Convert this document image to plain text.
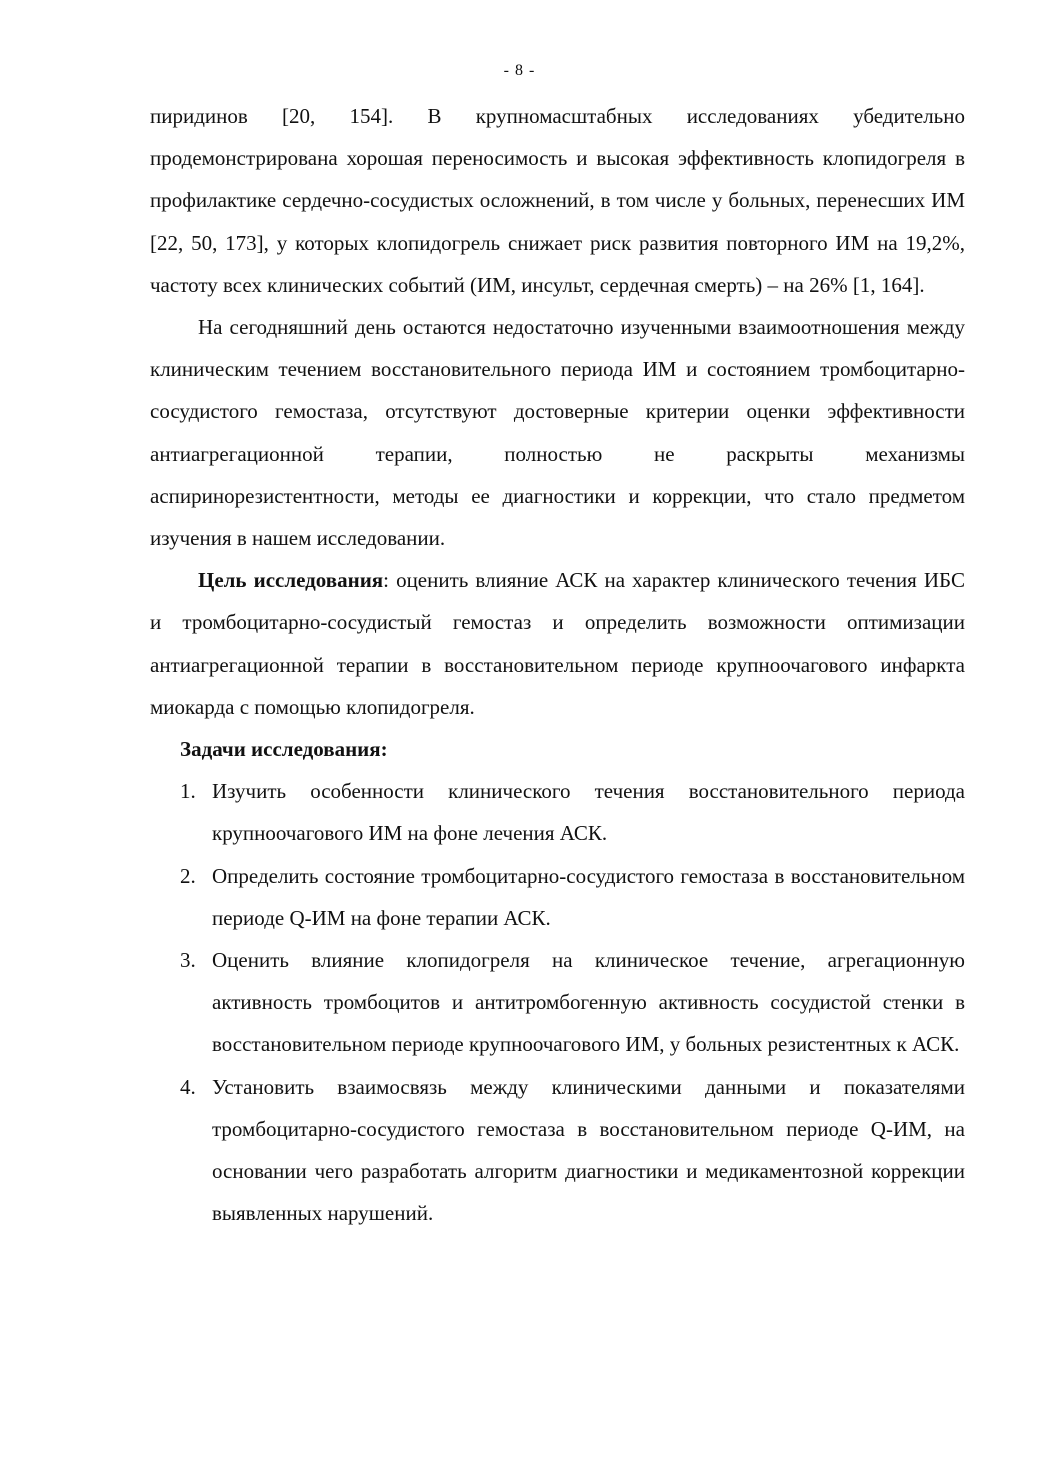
- 8 -

пиридинов [20, 154]. В крупномасштабных исследованиях убедительно продемонстрирована хорошая переносимость и высокая эффективность клопидогреля в профилактике сердечно-сосудистых осложнений, в том числе у больных, перенесших ИМ [22, 50, 173], у которых клопидогрель снижает риск развития повторного ИМ на 19,2%, частоту всех клинических событий (ИМ, инсульт, сердечная смерть) – на 26% [1, 164].

На сегодняшний день остаются недостаточно изученными взаимоотношения между клиническим течением восстановительного периода ИМ и состоянием тромбоцитарно-сосудистого гемостаза, отсутствуют достоверные критерии оценки эффективности антиагрегационной терапии, полностью не раскрыты механизмы аспиринорезистентности, методы ее диагностики и коррекции, что стало предметом изучения в нашем исследовании.

Цель исследования: оценить влияние АСК на характер клинического течения ИБС и тромбоцитарно-сосудистый гемостаз и определить возможности оптимизации антиагрегационной терапии в восстановительном периоде крупноочагового инфаркта миокарда с помощью клопидогреля.

Задачи исследования:
1. Изучить особенности клинического течения восстановительного периода крупноочагового ИМ на фоне лечения АСК.
2. Определить состояние тромбоцитарно-сосудистого гемостаза в восстановительном периоде Q-ИМ на фоне терапии АСК.
3. Оценить влияние клопидогреля на клиническое течение, агрегационную активность тромбоцитов и антитромбогенную активность сосудистой стенки в восстановительном периоде крупноочагового ИМ, у больных резистентных к АСК.
4. Установить взаимосвязь между клиническими данными и показателями тромбоцитарно-сосудистого гемостаза в восстановительном периоде Q-ИМ, на основании чего разработать алгоритм диагностики и медикаментозной коррекции выявленных нарушений.
